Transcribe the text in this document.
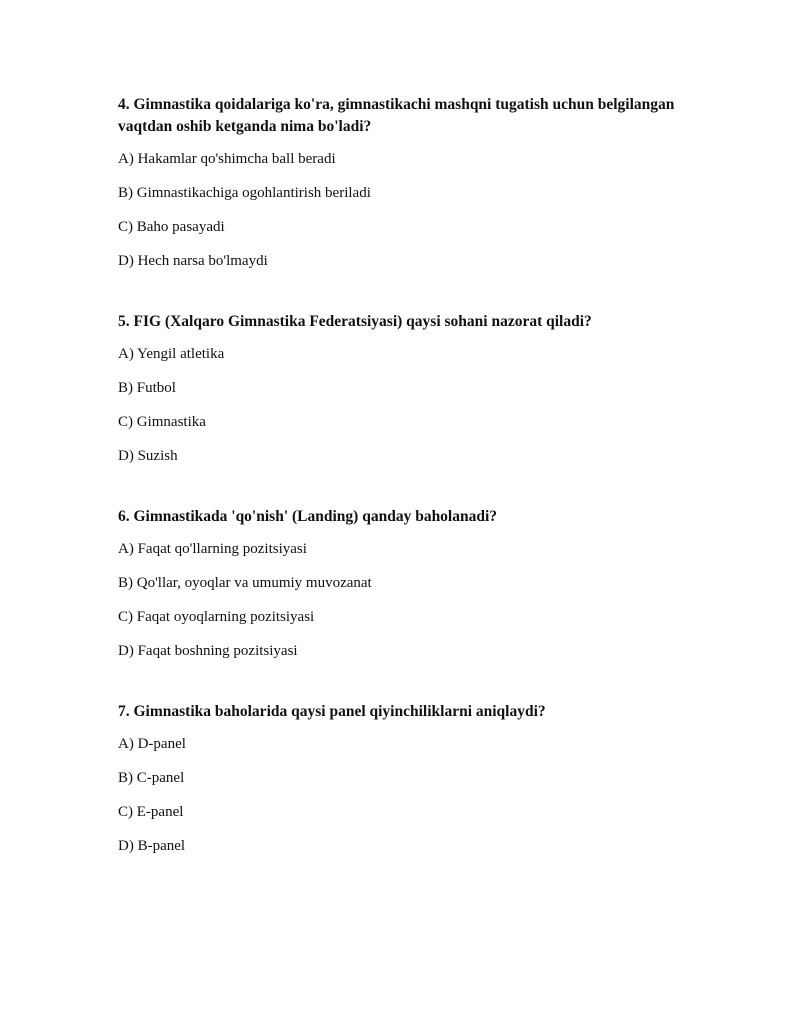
4. Gimnastika qoidalariga ko'ra, gimnastikachi mashqni tugatish uchun belgilangan vaqtdan oshib ketganda nima bo'ladi?

A) Hakamlar qo'shimcha ball beradi

B) Gimnastikachiga ogohlantirish beriladi

C) Baho pasayadi

D) Hech narsa bo'lmaydi

5. FIG (Xalqaro Gimnastika Federatsiyasi) qaysi sohani nazorat qiladi?

A) Yengil atletika

B) Futbol

C) Gimnastika

D) Suzish

6. Gimnastikada 'qo'nish' (Landing) qanday baholanadi?

A) Faqat qo'llarning pozitsiyasi

B) Qo'llar, oyoqlar va umumiy muvozanat

C) Faqat oyoqlarning pozitsiyasi

D) Faqat boshning pozitsiyasi

7. Gimnastika baholarida qaysi panel qiyinchiliklarni aniqlaydi?

A) D-panel

B) C-panel

C) E-panel

D) B-panel
